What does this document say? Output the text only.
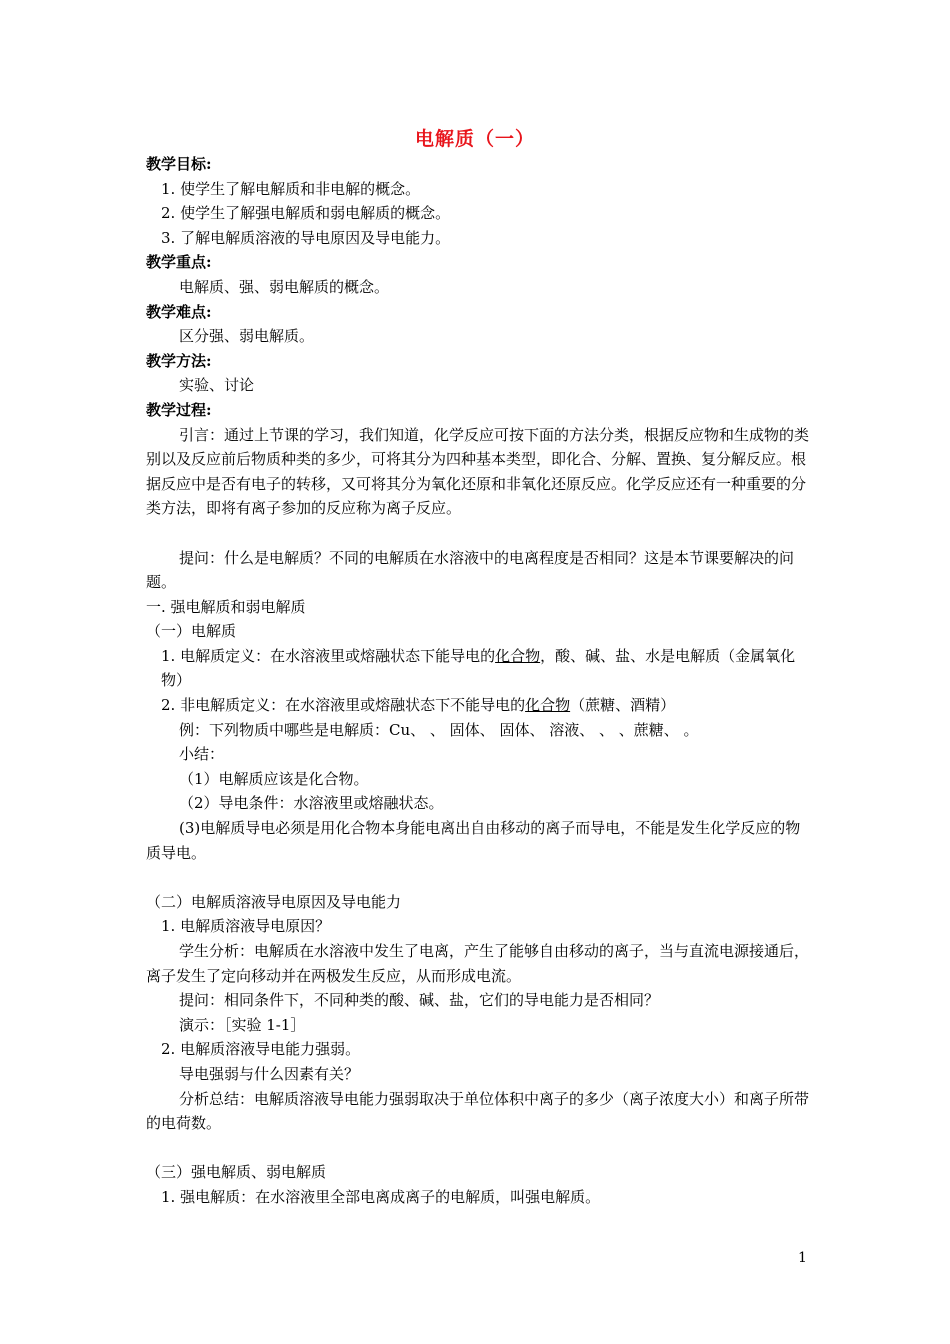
电解质（一）

教学目标:

1. 使学生了解电解质和非电解的概念。

2. 使学生了解强电解质和弱电解质的概念。

3. 了解电解质溶液的导电原因及导电能力。

教学重点:

电解质、强、弱电解质的概念。

教学难点:

区分强、弱电解质。

教学方法:

实验、讨论

教学过程:

引言：通过上节课的学习，我们知道，化学反应可按下面的方法分类，根据反应物和生成物的类别以及反应前后物质种类的多少，可将其分为四种基本类型，即化合、分解、置换、复分解反应。根据反应中是否有电子的转移，又可将其分为氧化还原和非氧化还原反应。化学反应还有一种重要的分类方法，即将有离子参加的反应称为离子反应。

提问：什么是电解质？不同的电解质在水溶液中的电离程度是否相同？这是本节课要解决的问题。

一. 强电解质和弱电解质

（一）电解质

1. 电解质定义：在水溶液里或熔融状态下能导电的化合物，酸、碱、盐、水是电解质（金属氧化物）

2. 非电解质定义：在水溶液里或熔融状态下不能导电的化合物（蔗糖、酒精）

例：下列物质中哪些是电解质：Cu、 、 固体、 固体、 溶液、 、 、蔗糖、 。

小结：

（1）电解质应该是化合物。

（2）导电条件：水溶液里或熔融状态。

(3)电解质导电必须是用化合物本身能电离出自由移动的离子而导电，不能是发生化学反应的物质导电。

（二）电解质溶液导电原因及导电能力

1. 电解质溶液导电原因？

学生分析：电解质在水溶液中发生了电离，产生了能够自由移动的离子，当与直流电源接通后，离子发生了定向移动并在两极发生反应，从而形成电流。

提问：相同条件下，不同种类的酸、碱、盐，它们的导电能力是否相同？

演示：［实验 1-1］

2. 电解质溶液导电能力强弱。

导电强弱与什么因素有关？

分析总结：电解质溶液导电能力强弱取决于单位体积中离子的多少（离子浓度大小）和离子所带的电荷数。

（三）强电解质、弱电解质

1. 强电解质：在水溶液里全部电离成离子的电解质，叫强电解质。

1
